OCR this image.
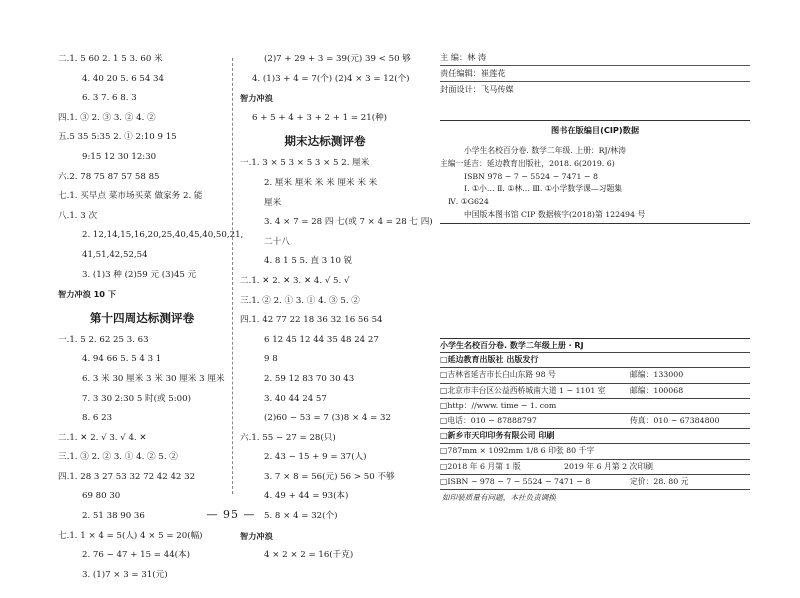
二.1. 5 60 2. 1 5 3. 60 米
4. 40 20 5. 6 54 34
6. 3 7. 6 8. 3
四.1. ③ 2. ③ 3. ② 4. ②
五.5 35 5:35 2. ① 2:10 9 15
9:15 12 30 12:30
六.2. 78 75 87 57 58 85
七.1. 买早点 菜市场买菜 做家务 2. 能
八.1. 3 次
2. 12,14,15,16,20,25,40,45,40,50,21,
41,51,42,52,54
3. (1)3 种 (2)59 元 (3)45 元
智力冲浪 10 下
第十四周达标测评卷
一.1. 5 2. 62 25 3. 63
4. 94 66 5. 5 4 3 1
6. 3 米 30 厘米 3 米 30 厘米 3 厘米
7. 3 30 2:30 5 时(或 5:00)
8. 6 23
二.1. ✕ 2. √ 3. √ 4. ✕
三.1. ③ 2. ② 3. ① 4. ② 5. ②
四.1. 28 3 27 53 32 72 42 42 32
69 80 30
2. 51 38 90 36
七.1. 1 × 4 = 5(人) 4 × 5 = 20(幅)
2. 76 − 47 + 15 = 44(本)
3. (1)7 × 3 = 31(元)
(2)7 + 29 + 3 = 39(元) 39 < 50 够
4. (1)3 + 4 = 7(个) (2)4 × 3 = 12(个)
智力冲浪
6 + 5 + 4 + 3 + 2 + 1 = 21(种)
期末达标测评卷
一.1. 3 × 5 3 × 5 3 × 5 2. 厘米
2. 厘米 厘米 米 米 厘米 米 米
厘米
3. 4 × 7 = 28 四 七(或 7 × 4 = 28 七 四)
二十八
4. 8 1 5 5. 直 3 10 锐
二.1. ✕ 2. ✕ 3. ✕ 4. √ 5. √
三.1. ② 2. ① 3. ① 4. ③ 5. ②
四.1. 42 77 22 18 36 32 16 56 54
6 12 45 12 44 35 48 24 27
9 8
2. 59 12 83 70 30 43
3. 40 44 24 57
(2)60 − 53 = 7 (3)8 × 4 = 32
六.1. 55 − 27 = 28(只)
2. 43 − 15 + 9 = 37(人)
3. 7 × 8 = 56(元) 56 > 50 不够
4. 49 + 44 = 93(本)
5. 8 × 4 = 32(个)
智力冲浪
4 × 2 × 2 = 16(千克)
— 95 —
主 编：林 涛
责任编辑：崔莲花
封面设计：飞马传媒
图书在版编目(CIP)数据
小学生名校百分卷. 数学二年级. 上册：RJ/林涛
主编一延吉：延边教育出版社，2018. 6(2019. 6)
ISBN 978 − 7 − 5524 − 7471 − 8
Ⅰ. ①小… Ⅱ. ①林… Ⅲ. ①小学数学课—习题集
Ⅳ. ①G624
中国版本图书馆 CIP 数据核字(2018)第 122494 号
小学生名校百分卷. 数学二年级上册 · RJ
□延边教育出版社 出版发行
□吉林省延吉市长白山东路 98 号	邮编：133000
□北京市丰台区公益西桥城南大道 1 − 1101 室	邮编：100068
□http：//www. time − 1. com
□电话：010 − 87888797	传真：010 − 67384800
□新乡市天印印务有限公司 印刷
□787mm × 1092mm 1/8 6 印张 80 千字
□2018 年 6 月第 1 版	2019 年 6 月第 2 次印刷
□ISBN − 978 − 7 − 5524 − 7471 − 8	定价：28. 80 元
如印装质量有问题，本社负责调换
